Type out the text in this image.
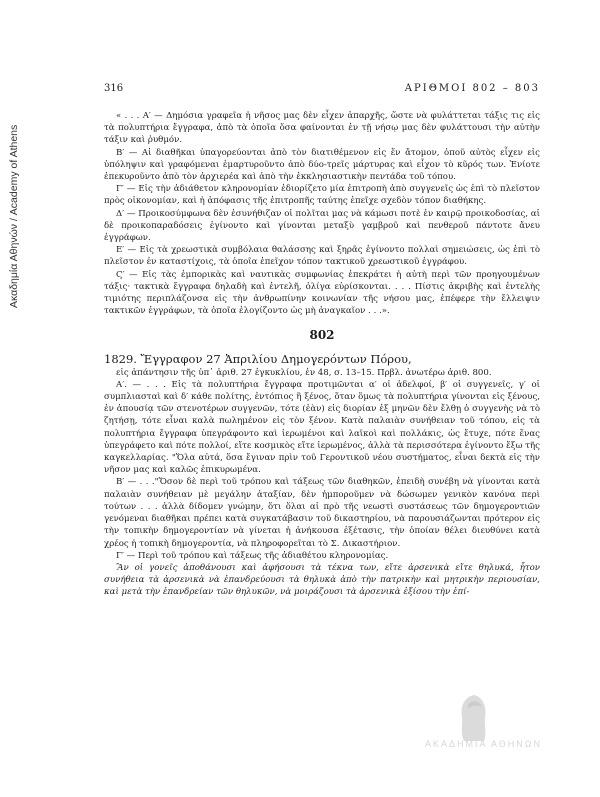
Ακαδημία Αθηνών / Academy of Athens
316	ΑΡΙΘΜΟΙ 802 – 803

« . . . Α′ — Δημόσια γραφεῖα ἡ νῆσος μας δὲν εἶχεν ἀπαρχῆς, ὥστε νὰ φυλάττεται τάξις τις εἰς τὰ πολυπτήρια ἔγγραφα, ἀπὸ τὰ ὁποῖα ὅσα φαίνονται ἐν τῇ νήσῳ μας δὲν φυλάττουσι τὴν αὐτὴν τάξιν καὶ ῥυθμόν.

Β′ — Αἱ διαθῆκαι ὑπαγορεύονται ἀπὸ τὸν διατιθέμενον εἰς ἕν ἄτομον, ὁποῦ αὐτὸς εἶχεν εἰς ὑπόληψιν καὶ γραφόμεναι ἐμαρτυροῦντο ἀπὸ δύο-τρεῖς μάρτυρας καὶ εἶχον τὸ κῦρός των. Ἐνίοτε ἐπεκυροῦντο ἀπὸ τὸν ἀρχιερέα καὶ ἀπὸ τὴν ἐκκλησιαστικὴν πεντάδα τοῦ τόπου.

Γ′ — Εἰς τὴν ἀδιάθετον κληρονομίαν ἐδιορίζετο μία ἐπιτροπὴ ἀπὸ συγγενεῖς ὡς ἐπὶ τὸ πλεῖστον πρὸς οἰκονομίαν, καὶ ἡ ἀπόφασις τῆς ἐπιτροπῆς ταύτης ἐπεῖχε σχεδὸν τόπον διαθήκης.

Δ′ — Προικοσύμφωνα δὲν ἐσυνήθιζαν οἱ πολῖται μας νὰ κάμωσι ποτὲ ἐν καιρῷ προικοδοσίας, αἱ δὲ προικοπαραδόσεις ἐγίνοντο καὶ γίνονται μεταξὺ γαμβροῦ καὶ πενθεροῦ πάντοτε ἄνευ ἐγγράφων.

Ε′ — Εἰς τὰ χρεωστικὰ συμβόλαια θαλάσσης καὶ ξηρᾶς ἐγίνοντο πολλαὶ σημειώσεις, ὡς ἐπὶ τὸ πλεῖστον ἐν καταστίχοις, τὰ ὁποῖα ἐπεῖχον τόπον τακτικοῦ χρεωστικοῦ ἐγγράφου.

Ϛ′ — Εἰς τὰς ἐμπορικὰς καὶ ναυτικὰς συμφωνίας ἐπεκράτει ἡ αὐτὴ περὶ τῶν προηγουμένων τάξις· τακτικὰ ἔγγραφα δηλαδὴ καὶ ἐντελῆ, ὀλίγα εὑρίσκονται. . . . Πίστις ἀκριβὴς καὶ ἐντελὴς τιμιότης περιπλάζονσα εἰς τὴν ἀνθρωπίνην κοινωνίαν τῆς νήσου μας, ἐπέφερε τὴν ἔλλειψιν τακτικῶν ἐγγράφων, τὰ ὁποῖα ἐλογίζοντο ὡς μὴ ἀναγκαῖον . . .».

802
1829. Ἔγγραφον 27 Ἀπριλίου Δημογερόντων Πόρου,

εἰς ἀπάντησιν τῆς ὑπ᾽ ἀριθ. 27 ἐγκυκλίου, ἐν 48, σ. 13–15. Πρβλ. ἀνωτέρω ἀριθ. 800.

Α′. — . . . Εἰς τὰ πολυπτήρια ἔγγραφα προτιμῶνται α′ οἱ ἀδελφοί, β′ οἱ συγγενεῖς, γ′ οἱ συμπλιασταὶ καὶ δ′ κάθε πολίτης, ἐντόπιος ἢ ξένος, ὅταν ὅμως τὰ πολυπτήρια γίνονται εἰς ξένους, ἐν ἀπουσίᾳ τῶν στενοτέρων συγγενῶν, τότε (ἐὰν) εἰς διορίαν ἐξ μηνῶν δὲν ἔλθῃ ὁ συγγενὴς νὰ τὸ ζητήσῃ, τότε εἶναι καλὰ πωλημένον εἰς τὸν ξένον. Κατὰ παλαιὰν συνήθειαν τοῦ τόπου, εἰς τὰ πολυπτήρια ἔγγραφα ὑπεγράφοντο καὶ ἱερωμένοι καὶ λαϊκοὶ καὶ πολλάκις, ὡς ἔτυχε, πότε ἕνας ὑπεγράφετο καὶ πότε πολλοί, εἴτε κοσμικὸς εἴτε ἱερωμένος, ἀλλὰ τὰ περισσότερα ἐγίνοντο ἔξω τῆς καγκελλαρίας. "Ὅλα αὐτά, ὅσα ἔγιναν πρὶν τοῦ Γεροντικοῦ νέου συστήματος, εἶναι δεκτὰ εἰς τὴν νῆσον μας καὶ καλῶς ἐπικυρωμένα.

Β′ — . . ."Ὅσον δὲ περὶ τοῦ τρόπου καὶ τάξεως τῶν διαθηκῶν, ἐπειδὴ συνέβη νὰ γίνονται κατὰ παλαιὰν συνήθειαν μὲ μεγάλην ἀταξίαν, δὲν ἠμποροῦμεν νὰ δώσωμεν γενικὸν κανόνα περὶ τούτων . . . ἀλλὰ δίδομεν γνώμην, ὅτι ὅλαι αἱ πρὸ τῆς νεωστὶ συστάσεως τῶν δημογεροντιῶν γενόμεναι διαθῆκαι πρέπει κατὰ συγκατάβασιν τοῦ δικαστηρίου, νὰ παρουσιάζωνται πρότερον εἰς τὴν τοπικὴν δημογεροντίαν νὰ γίνεται ἡ ἀνήκουσα ἐξέτασις, τὴν ὁποίαν θέλει διευθύνει κατὰ χρέος ἡ τοπικὴ δημογεροντία, νὰ πληροφορεῖται τὸ Σ. Δικαστήριον.

Γ′ — Περὶ τοῦ τρόπου καὶ τάξεως τῆς ἀδιαθέτου κληρονομίας.

Ἂν οἱ γονεῖς ἀποθάνουσι καὶ ἀφήσουσι τὰ τέκνα των, εἴτε ἀρσενικὰ εἴτε θηλυκά, ἦτον συνήθεια τὰ ἀρσενικὰ νὰ ἐπανδρεύουσι τὰ θηλυκὰ ἀπὸ τὴν πατρικὴν καὶ μητρικὴν περιουσίαν, καὶ μετὰ τὴν ἐπανδρείαν τῶν θηλυκῶν, νὰ μοιράζουσι τὰ ἀρσενικὰ ἐξίσου τὴν ἐπί-

ΑΚΑΔΗΜΙΑ ΑΘΗΝΩΝ
